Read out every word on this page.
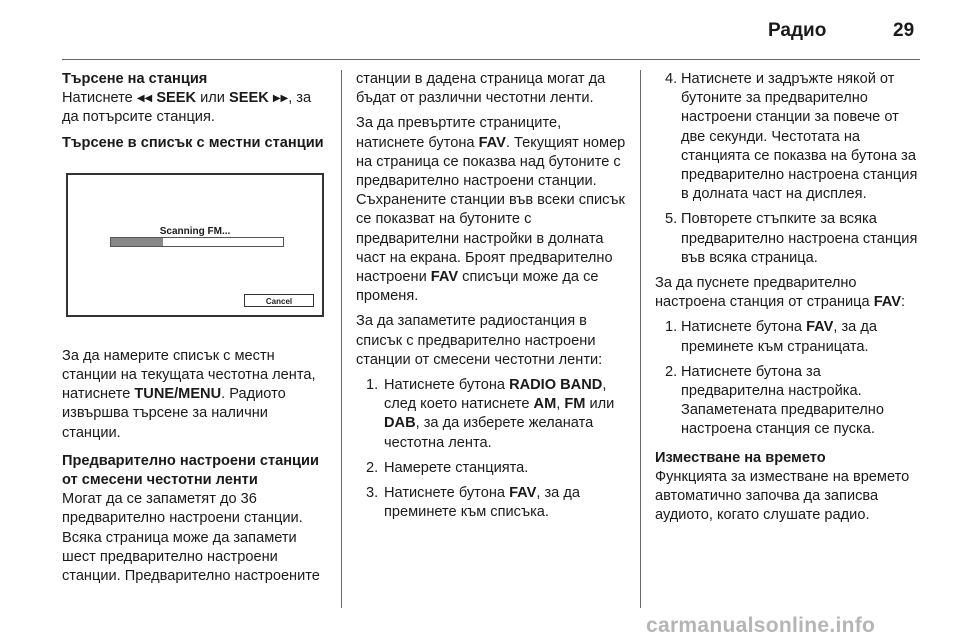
Радио	29
Търсене на станция

Натиснете ◀◀ SEEK или SEEK ▶▶, за да потърсите станция.

Търсене в списък с местни станции
Scanning FM...
Cancel

За да намерите списък с местн станции на текущата честотна лента, натиснете TUNE/MENU. Радиото извършва търсене за налични станции.

Предварително настроени станции от смесени честотни ленти

Могат да се запаметят до 36 предварително настроени станции. Всяка страница може да запамети шест предварително настроени станции. Предварително настроените

станции в дадена страница могат да бъдат от различни честотни ленти.

За да превъртите страниците, натиснете бутона FAV. Текущият номер на страница се показва над бутоните с предварително настроени станции. Съхранените станции във всеки списък се показват на бутоните с предварителни настройки в долната част на екрана. Броят предварително настроени FAV списъци може да се променя.

За да запаметите радиостанция в списък с предварително настроени станции от смесени честотни ленти:

1. Натиснете бутона RADIO BAND, след което натиснете AM, FM или DAB, за да изберете желаната честотна лента.
2. Намерете станцията.
3. Натиснете бутона FAV, за да преминете към списъка.
4. Натиснете и задръжте някой от бутоните за предварително настроени станции за повече от две секунди. Честотата на станцията се показва на бутона за предварително настроена станция в долната част на дисплея.
5. Повторете стъпките за всяка предварително настроена станция във всяка страница.

За да пуснете предварително настроена станция от страница FAV:

1. Натиснете бутона FAV, за да преминете към страницата.
2. Натиснете бутона за предварителна настройка. Запаметената предварително настроена станция се пуска.
Изместване на времето

Функцията за изместване на времето автоматично започва да записва аудиото, когато слушате радио.

carmanualsonline.info
